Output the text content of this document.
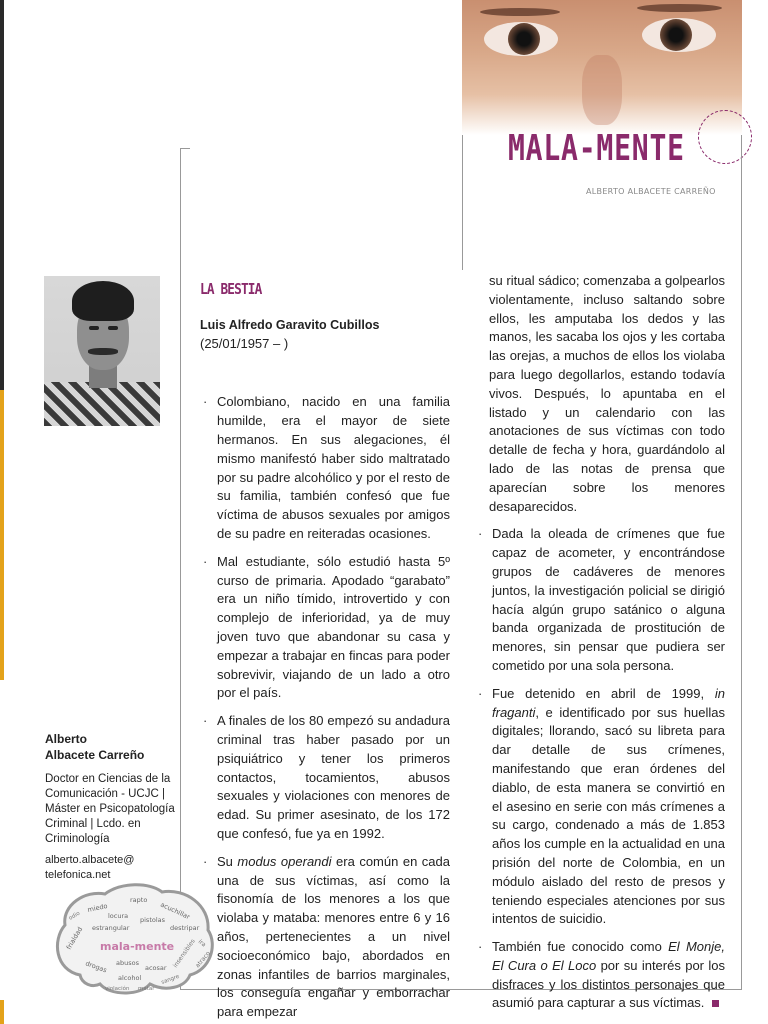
MALA-MENTE
ALBERTO ALBACETE CARREÑO
Alberto
Albacete Carreño
Doctor en Ciencias de la Comunicación - UCJC | Máster en Psicopatología Criminal | Lcdo. en Criminología
alberto.albacete@
telefonica.net
miedo
rapto
acuchillar
locura pistolas
estrangular	destripar
frialdad mala-mente
drogas abusos
acosar
alcohol
violación matar
sangre
atraco
insensibles
odio
ira
LA BESTIA
Luis Alfredo Garavito Cubillos
(25/01/1957 – )
· Colombiano, nacido en una familia humilde, era el mayor de siete hermanos. En sus alegaciones, él mismo manifestó haber sido maltratado por su padre alcohólico y por el resto de su familia, también confesó que fue víctima de abusos sexuales por amigos de su padre en reiteradas ocasiones.
· Mal estudiante, sólo estudió hasta 5º curso de primaria. Apodado “garabato” era un niño tímido, introvertido y con complejo de inferioridad, ya de muy joven tuvo que abandonar su casa y empezar a trabajar en fincas para poder sobrevivir, viajando de un lado a otro por el país.
· A finales de los 80 empezó su andadura criminal tras haber pasado por un psiquiátrico y tener los primeros contactos, tocamientos, abusos sexuales y violaciones con menores de edad. Su primer asesinato, de los 172 que confesó, fue ya en 1992.
· Su modus operandi era común en cada una de sus víctimas, así como la fisonomía de los menores a los que violaba y mataba: menores entre 6 y 16 años, pertenecientes a un nivel socioeconómico bajo, abordados en zonas infantiles de barrios marginales, los conseguía engañar y emborrachar para empezar

su ritual sádico; comenzaba a golpearlos violentamente, incluso saltando sobre ellos, les amputaba los dedos y las manos, les sacaba los ojos y les cortaba las orejas, a muchos de ellos los violaba para luego degollarlos, estando todavía vivos. Después, lo apuntaba en el listado y un calendario con las anotaciones de sus víctimas con todo detalle de fecha y hora, guardándolo al lado de las notas de prensa que aparecían sobre los menores desaparecidos.

· Dada la oleada de crímenes que fue capaz de acometer, y encontrándose grupos de cadáveres de menores juntos, la investigación policial se dirigió hacía algún grupo satánico o alguna banda organizada de prostitución de menores, sin pensar que pudiera ser cometido por una sola persona.
· Fue detenido en abril de 1999, in fraganti, e identificado por sus huellas digitales; llorando, sacó su libreta para dar detalle de sus crímenes, manifestando que eran órdenes del diablo, de esta manera se convirtió en el asesino en serie con más crímenes a su cargo, condenado a más de 1.853 años los cumple en la actualidad en una prisión del norte de Colombia, en un módulo aislado del resto de presos y teniendo especiales atenciones por sus intentos de suicidio.
· También fue conocido como El Monje, El Cura o El Loco por su interés por los disfraces y los distintos personajes que asumió para capturar a sus víctimas.
